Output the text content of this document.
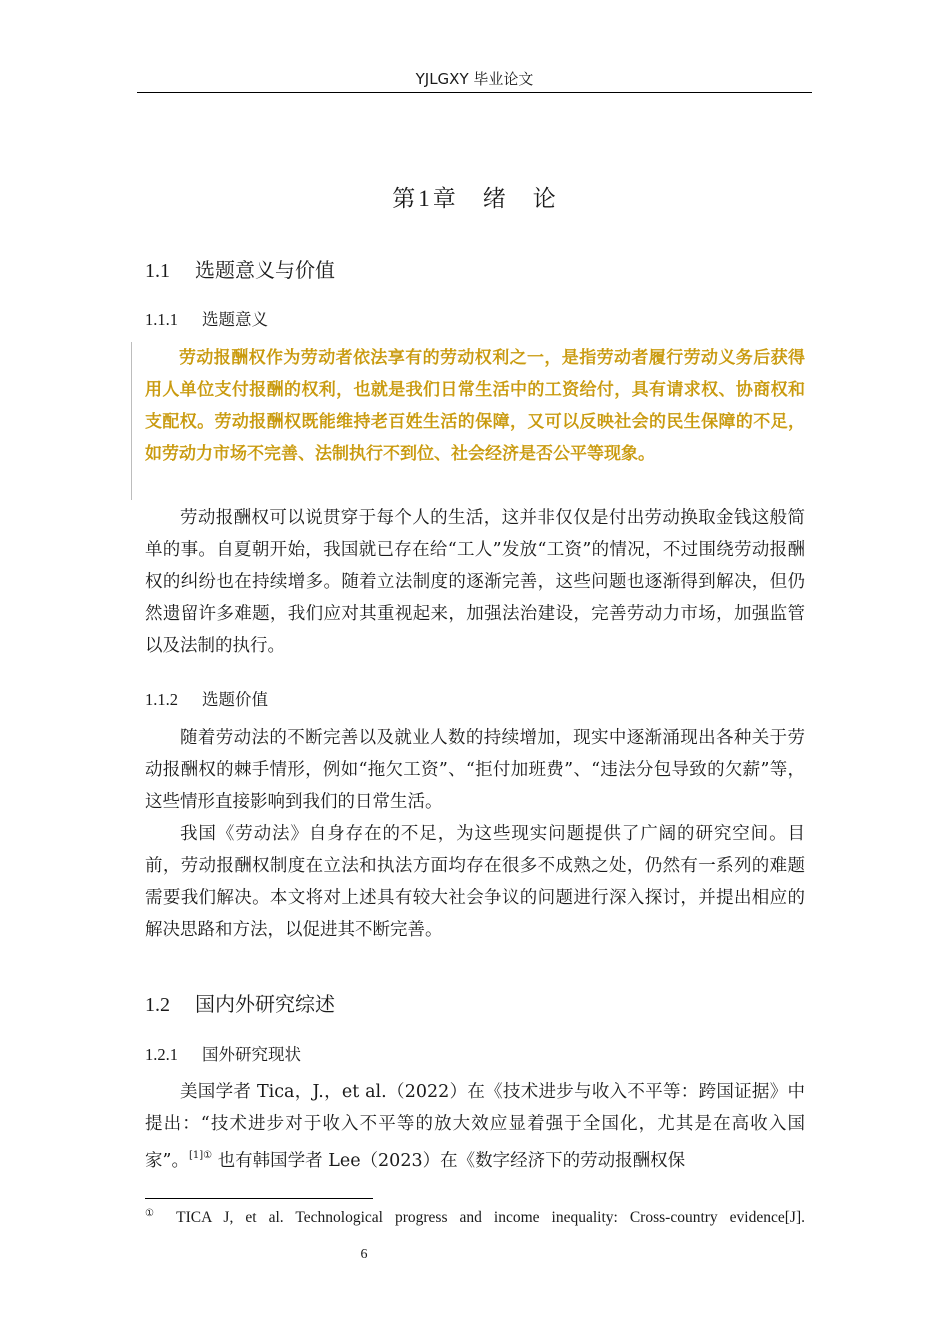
YJLGXY 毕业论文
第1章 绪 论
1.1 选题意义与价值
1.1.1 选题意义

劳动报酬权作为劳动者依法享有的劳动权利之一，是指劳动者履行劳动义务后获得用人单位支付报酬的权利，也就是我们日常生活中的工资给付，具有请求权、协商权和支配权。劳动报酬权既能维持老百姓生活的保障，又可以反映社会的民生保障的不足，如劳动力市场不完善、法制执行不到位、社会经济是否公平等现象。

劳动报酬权可以说贯穿于每个人的生活，这并非仅仅是付出劳动换取金钱这般简单的事。自夏朝开始，我国就已存在给“工人”发放“工资”的情况，不过围绕劳动报酬权的纠纷也在持续增多。随着立法制度的逐渐完善，这些问题也逐渐得到解决，但仍然遗留许多难题，我们应对其重视起来，加强法治建设，完善劳动力市场，加强监管以及法制的执行。

1.1.2 选题价值

随着劳动法的不断完善以及就业人数的持续增加，现实中逐渐涌现出各种关于劳动报酬权的棘手情形，例如“拖欠工资”、“拒付加班费”、“违法分包导致的欠薪”等，这些情形直接影响到我们的日常生活。

我国《劳动法》自身存在的不足，为这些现实问题提供了广阔的研究空间。目前，劳动报酬权制度在立法和执法方面均存在很多不成熟之处，仍然有一系列的难题需要我们解决。本文将对上述具有较大社会争议的问题进行深入探讨，并提出相应的解决思路和方法，以促进其不断完善。

1.2 国内外研究综述
1.2.1 国外研究现状

美国学者 Tica，J.，et al.（2022）在《技术进步与收入不平等：跨国证据》中提出：“技术进步对于收入不平等的放大效应显着强于全国化，尤其是在高收入国家”。$^{[1]①}$ 也有韩国学者 Lee（2023）在《数字经济下的劳动报酬权保

① TICA J, et al. Technological progress and income inequality: Cross-country evidence[J].
6
